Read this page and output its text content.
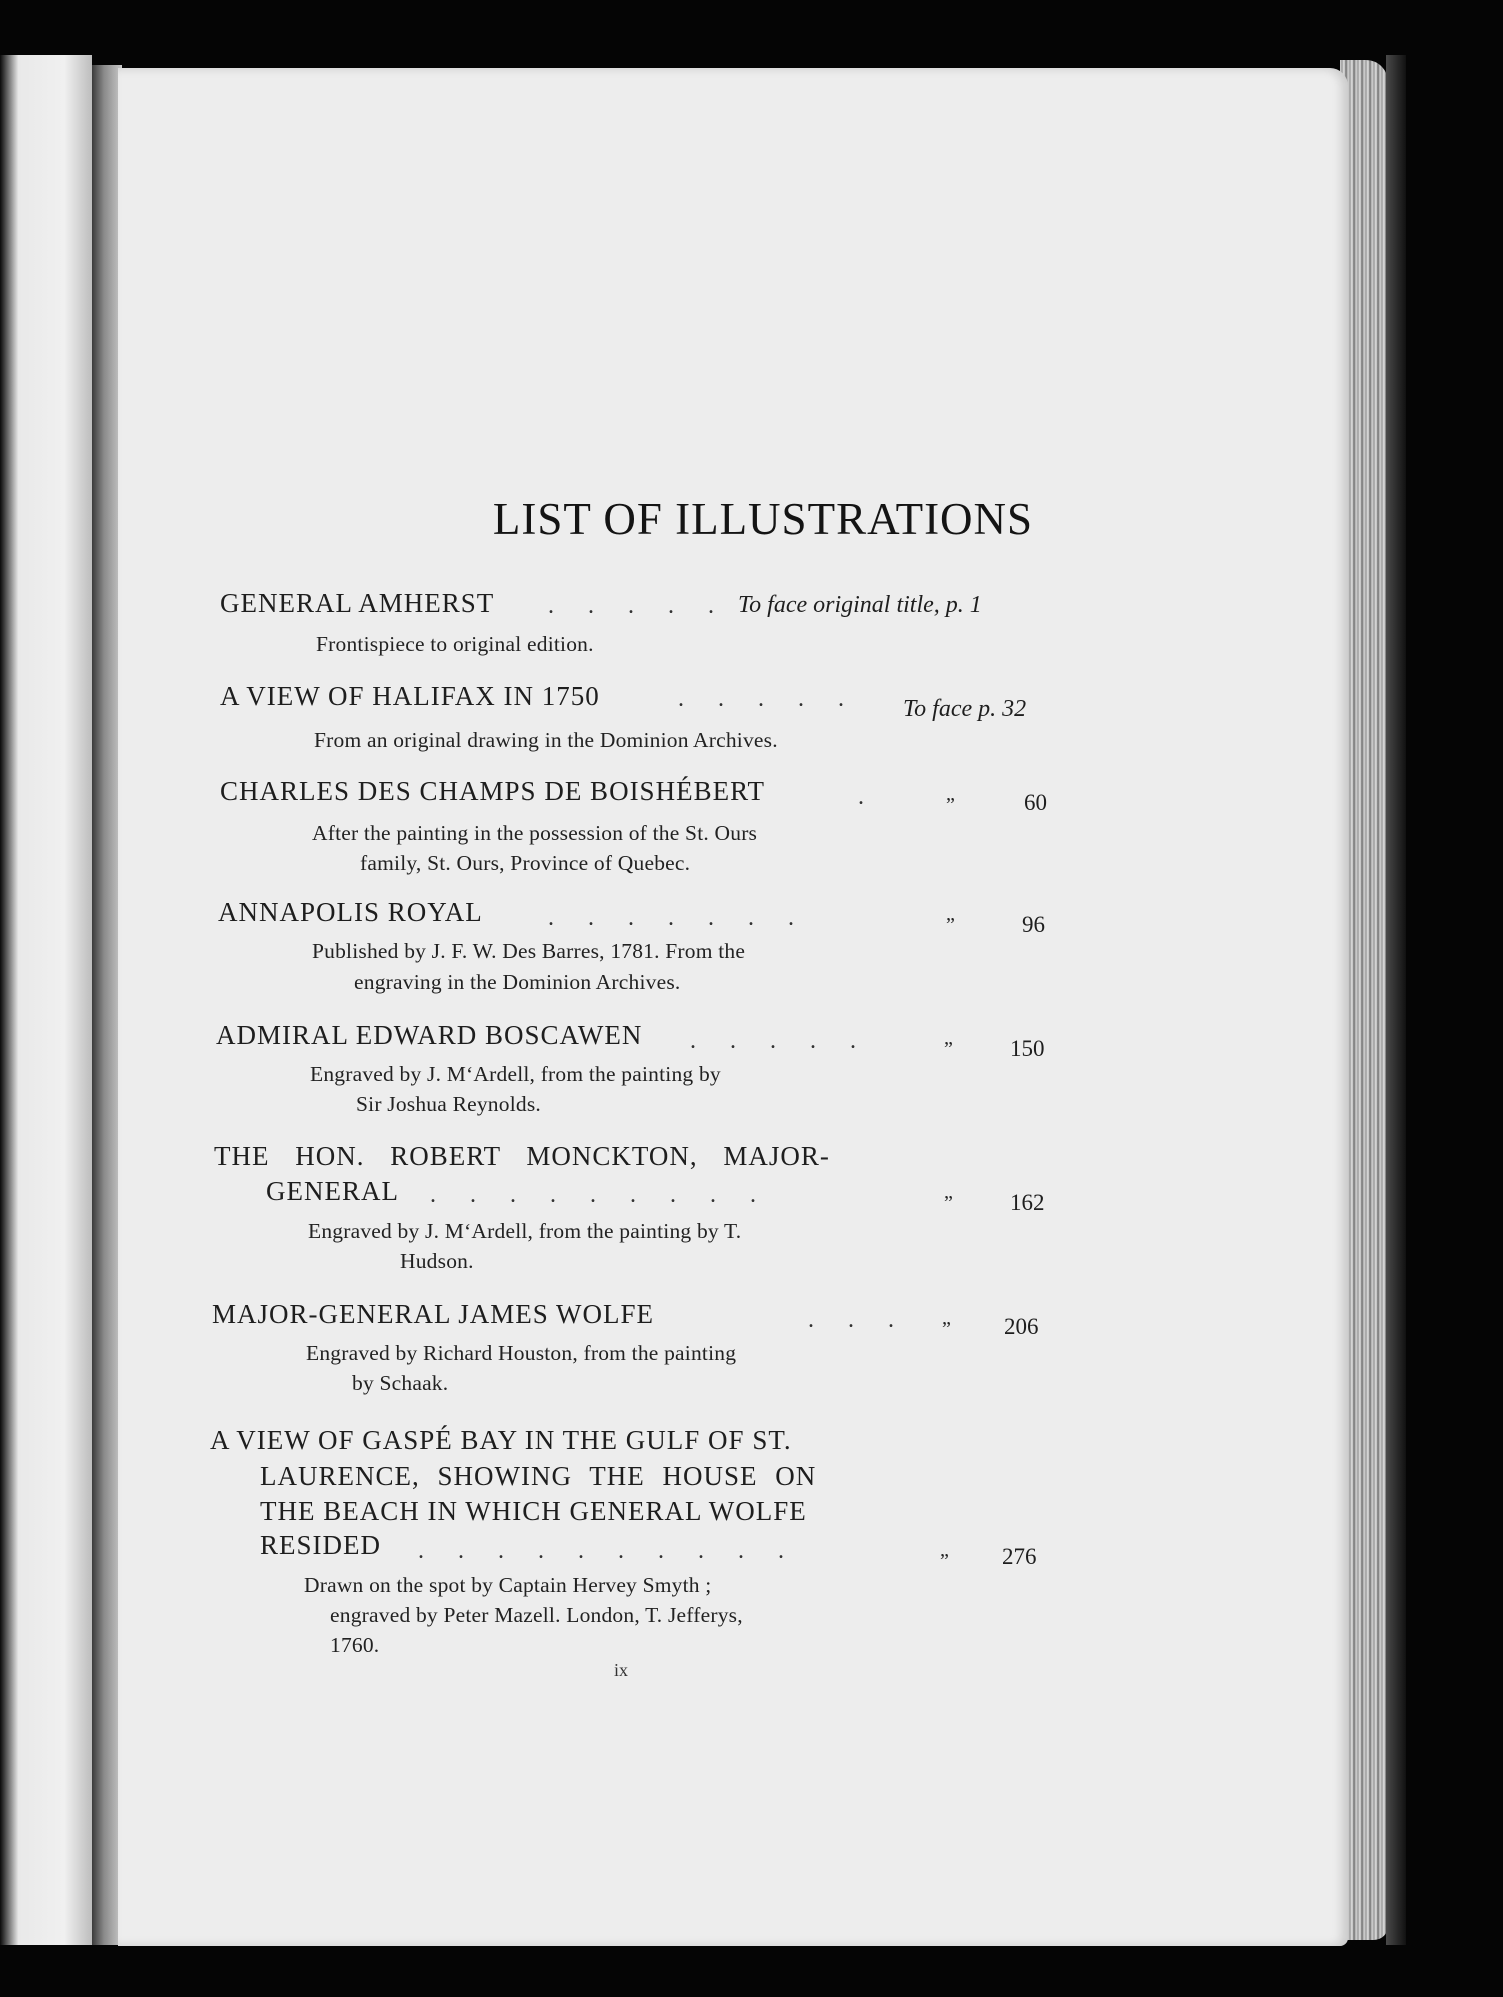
LIST OF ILLUSTRATIONS
GENERAL AMHERST . . . . . To face original title, p. 1
Frontispiece to original edition.
A VIEW OF HALIFAX IN 1750	. . . . . To face p. 32
From an original drawing in the Dominion Archives.
CHARLES DES CHAMPS DE BOISHÉBERT	.	”	60
After the painting in the possession of the St. Ours
family, St. Ours, Province of Quebec.
ANNAPOLIS ROYAL	. . . . . . .	”	96
Published by J. F. W. Des Barres, 1781. From the
engraving in the Dominion Archives.
ADMIRAL EDWARD BOSCAWEN . . . . .	” 150
Engraved by J. M‘Ardell, from the painting by
Sir Joshua Reynolds.
THE HON. ROBERT MONCKTON, MAJOR-
GENERAL . . . . . . . . .	” 162
Engraved by J. M‘Ardell, from the painting by T.
Hudson.
MAJOR-GENERAL JAMES WOLFE	. . . ” 206
Engraved by Richard Houston, from the painting
by Schaak.
A VIEW OF GASPÉ BAY IN THE GULF OF ST.
LAURENCE, SHOWING THE HOUSE ON
THE BEACH IN WHICH GENERAL WOLFE
RESIDED . . . . . . . . . .	” 276
Drawn on the spot by Captain Hervey Smyth ;
engraved by Peter Mazell. London, T. Jefferys,
1760.
ix
